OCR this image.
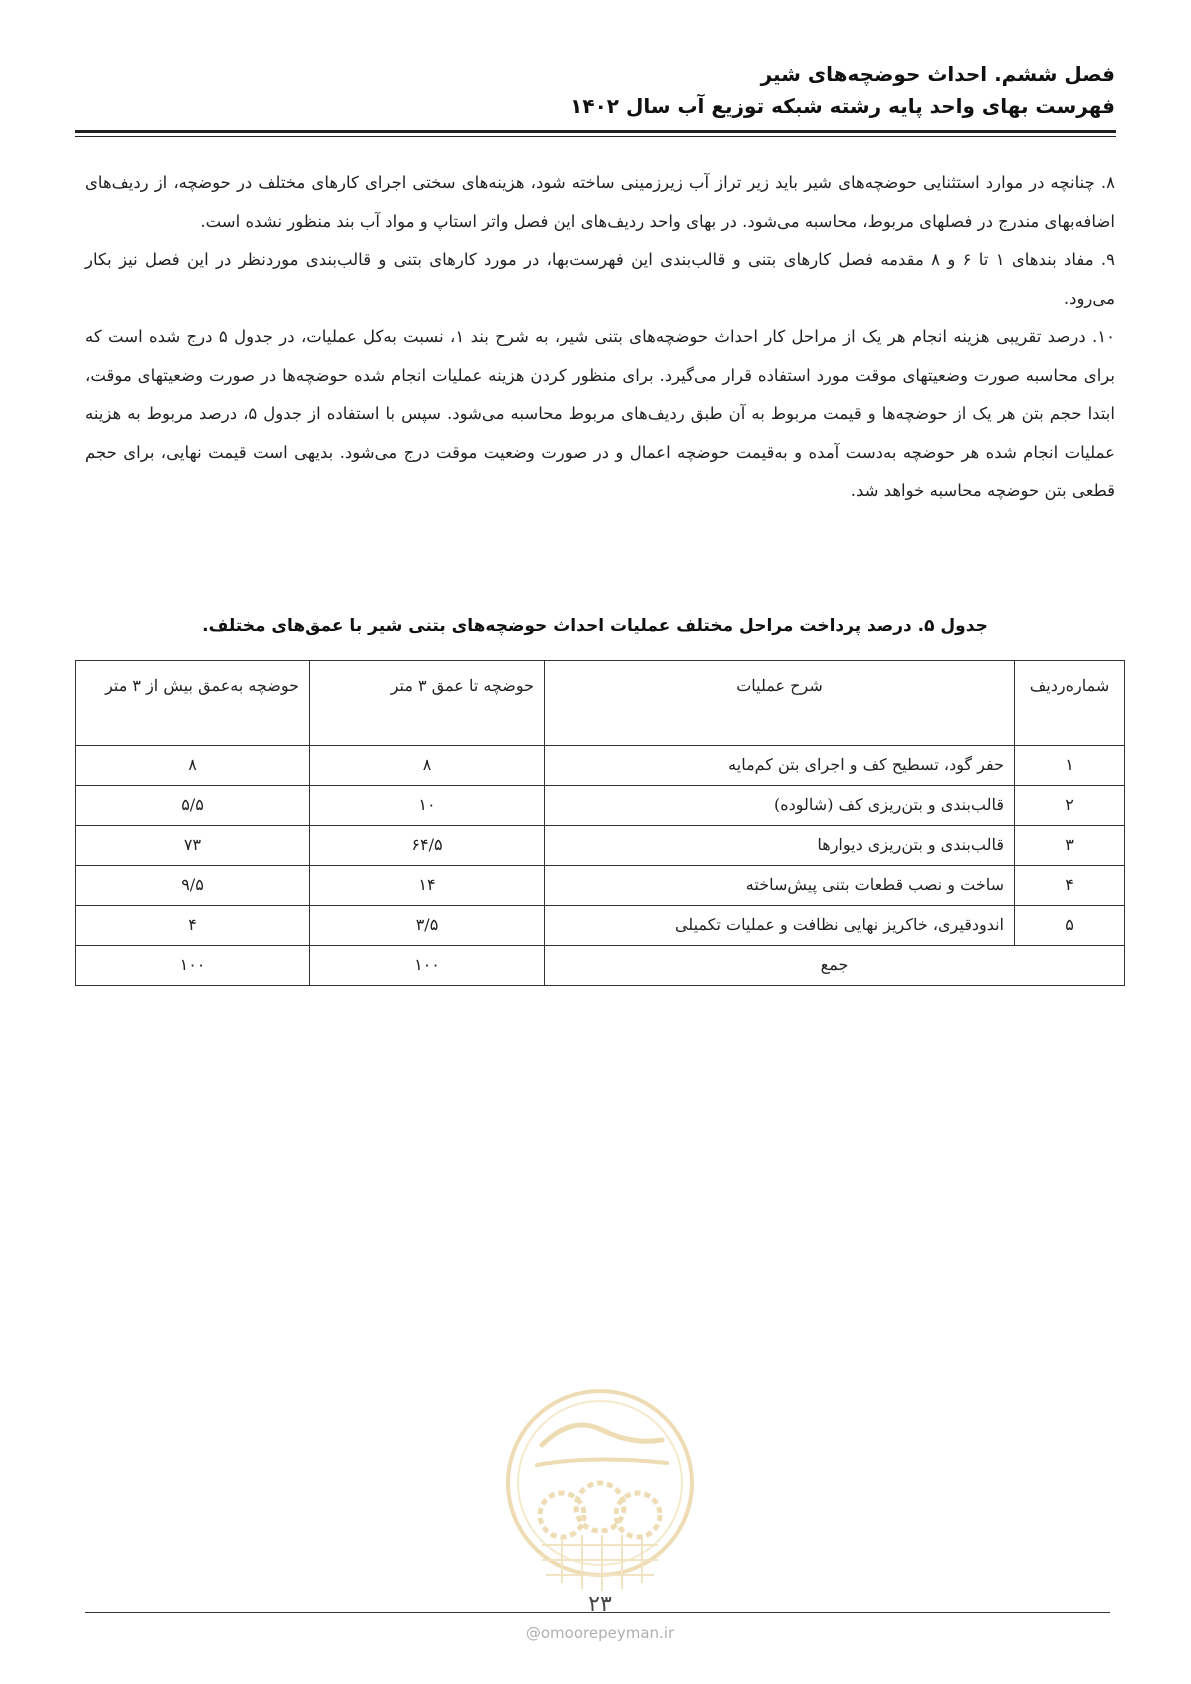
فصل ششم. احداث حوضچه‌های شیر
فهرست بهای واحد پایه رشته شبکه توزیع آب سال ۱۴۰۲

۸. چنانچه در موارد استثنایی حوضچه‌های شیر باید زیر تراز آب زیرزمینی ساخته شود، هزینه‌های سختی اجرای کارهای مختلف در حوضچه، از ردیف‌های اضافه‌بهای مندرج در فصلهای مربوط، محاسبه می‌شود. در بهای واحد ردیف‌های این فصل واتر استاپ و مواد آب بند منظور نشده است.

۹. مفاد بندهای ۱ تا ۶ و ۸ مقدمه فصل کارهای بتنی و قالب‌بندی این فهرست‌بها، در مورد کارهای بتنی و قالب‌بندی موردنظر در این فصل نیز بکار می‌رود.

۱۰. درصد تقریبی هزینه انجام هر یک از مراحل کار احداث حوضچه‌های بتنی شیر، به شرح بند ۱، نسبت به‌کل عملیات، در جدول ۵ درج شده است که برای محاسبه صورت وضعیتهای موقت مورد استفاده قرار می‌گیرد. برای منظور کردن هزینه عملیات انجام شده حوضچه‌ها در صورت وضعیتهای موقت، ابتدا حجم بتن هر یک از حوضچه‌ها و قیمت مربوط به آن طبق ردیف‌های مربوط محاسبه می‌شود. سپس با استفاده از جدول ۵، درصد مربوط به هزینه عملیات انجام شده هر حوضچه به‌دست آمده و به‌قیمت حوضچه اعمال و در صورت وضعیت موقت درج می‌شود. بدیهی است قیمت نهایی، برای حجم قطعی بتن حوضچه محاسبه خواهد شد.

جدول ۵. درصد پرداخت مراحل مختلف عملیات احداث حوضچه‌های بتنی شیر با عمق‌های مختلف.
شماره‌ردیف	شرح عملیات	حوضچه تا عمق ۳ متر	حوضچه به‌عمق بیش از ۳ متر
۱	حفر گود، تسطیح کف و اجرای بتن کم‌مایه	۸	۸
۲	قالب‌بندی و بتن‌ریزی کف (شالوده)	۱۰	۵/۵
۳	قالب‌بندی و بتن‌ریزی دیوارها	۶۴/۵	۷۳
۴	ساخت و نصب قطعات بتنی پیش‌ساخته	۱۴	۹/۵
۵	اندودقیری، خاکریز نهایی نظافت و عملیات تکمیلی	۳/۵	۴
جمع		۱۰۰	۱۰۰
۲۳
@omoorepeyman.ir
